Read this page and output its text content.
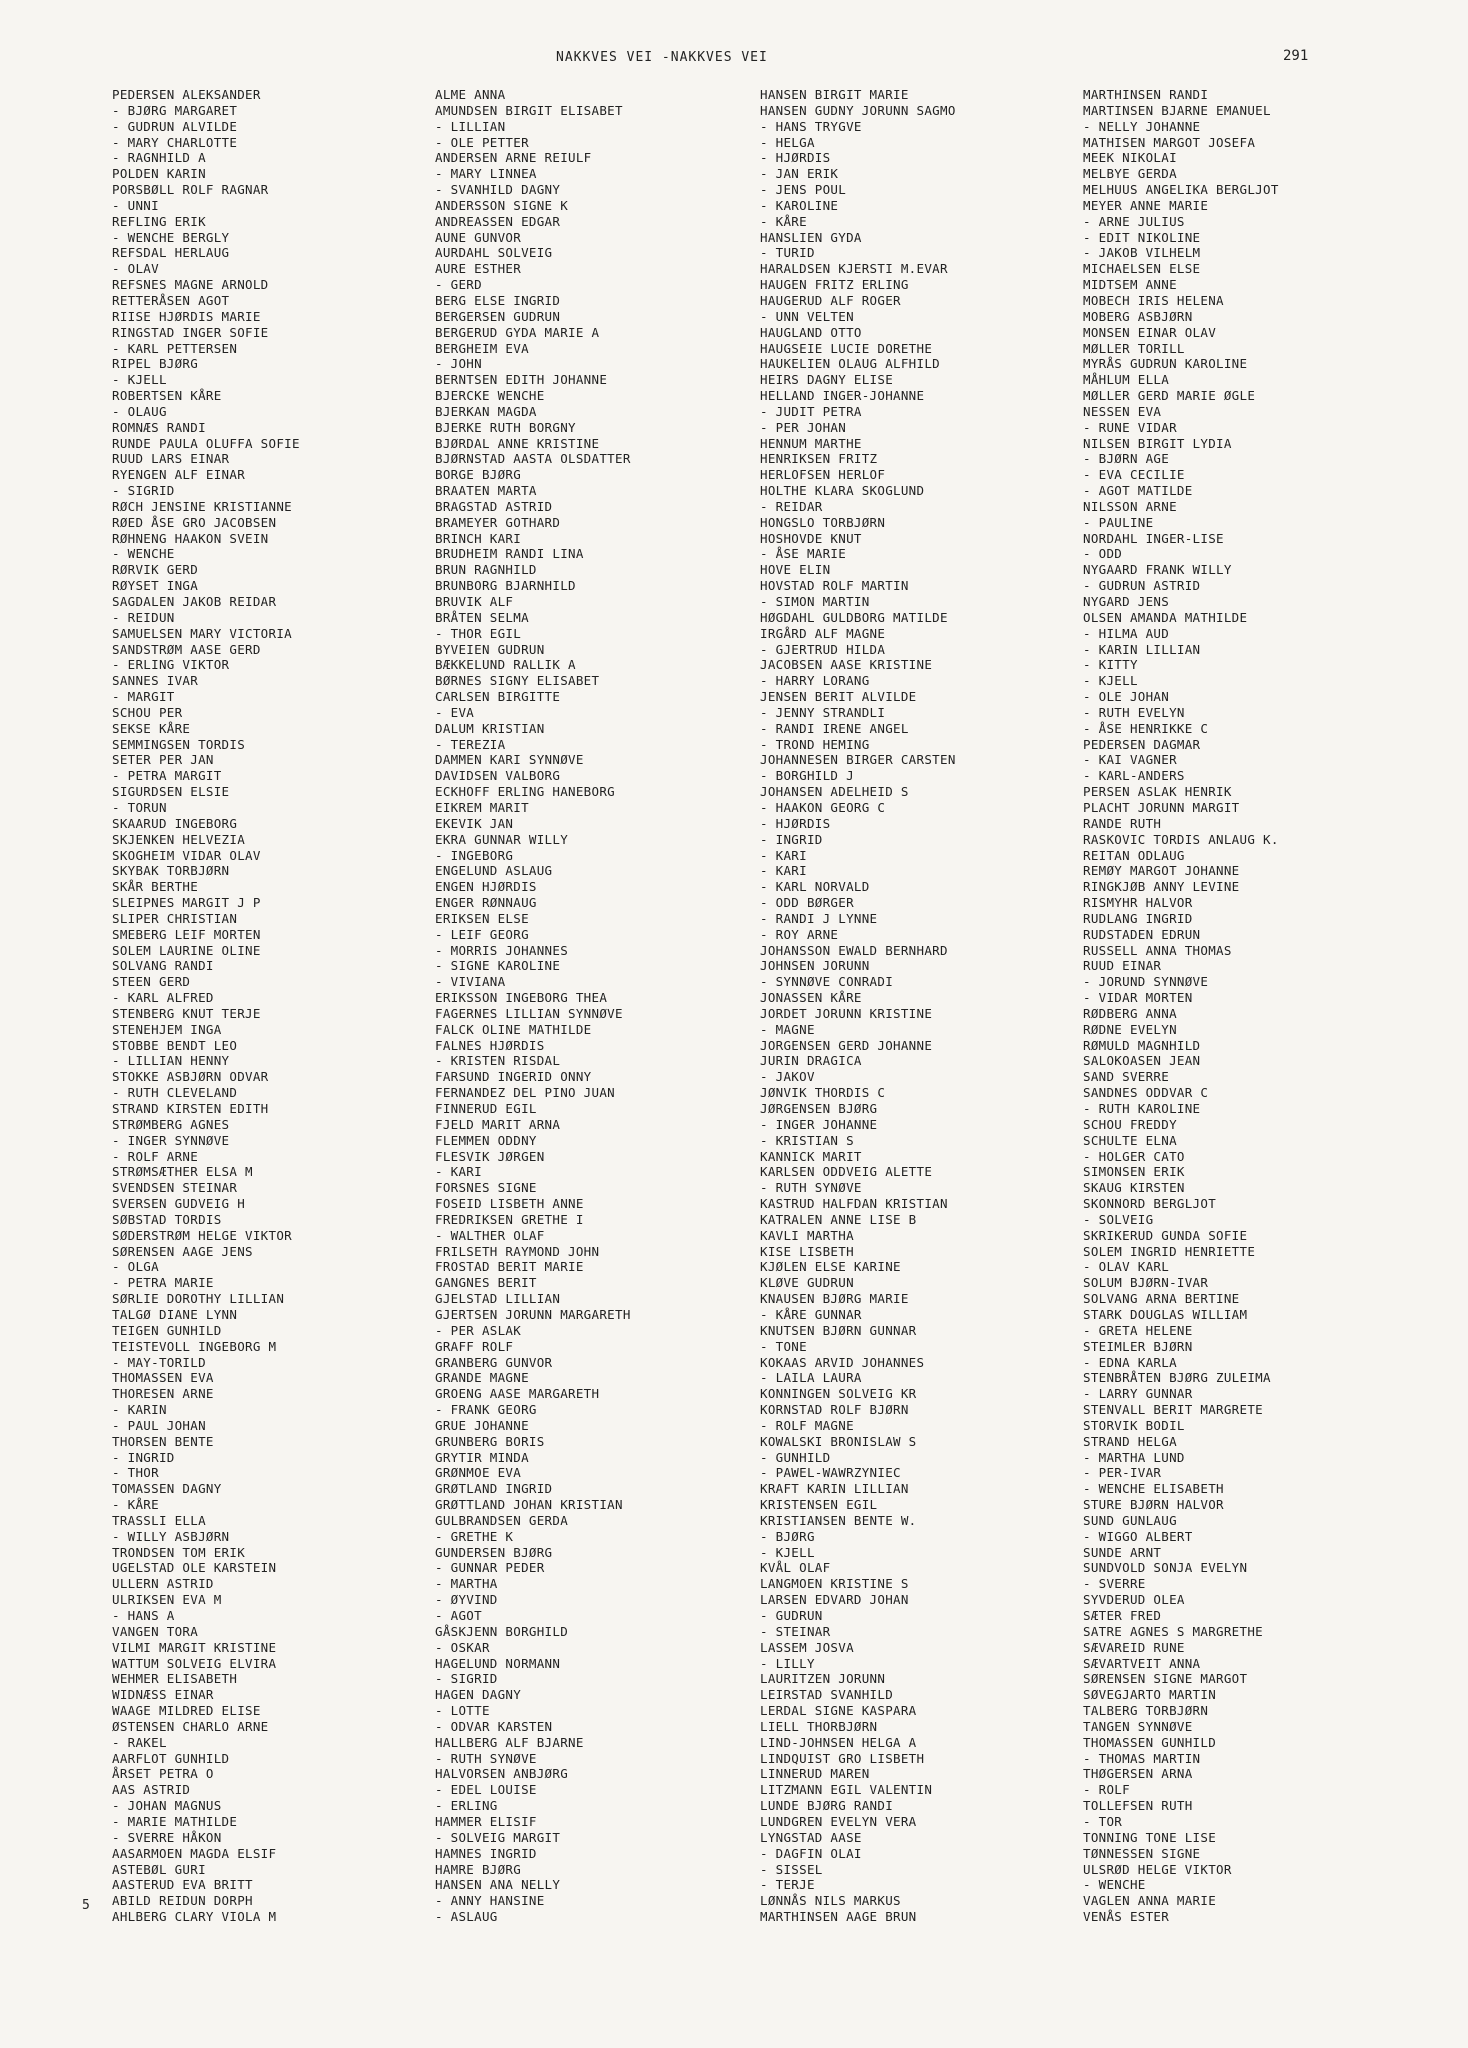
NAKKVES VEI -NAKKVES VEI	291
5
PEDERSEN ALEKSANDER
- BJØRG MARGARET
- GUDRUN ALVILDE
- MARY CHARLOTTE
- RAGNHILD A
POLDEN KARIN
PORSBØLL ROLF RAGNAR
- UNNI
REFLING ERIK
- WENCHE BERGLY
REFSDAL HERLAUG
- OLAV
REFSNES MAGNE ARNOLD
RETTERÅSEN AGOT
RIISE HJØRDIS MARIE
RINGSTAD INGER SOFIE
- KARL PETTERSEN
RIPEL BJØRG
- KJELL
ROBERTSEN KÅRE
- OLAUG
ROMNÆS RANDI
RUNDE PAULA OLUFFA SOFIE
RUUD LARS EINAR
RYENGEN ALF EINAR
- SIGRID
RØCH JENSINE KRISTIANNE
RØED ÅSE GRO JACOBSEN
RØHNENG HAAKON SVEIN
- WENCHE
RØRVIK GERD
RØYSET INGA
SAGDALEN JAKOB REIDAR
- REIDUN
SAMUELSEN MARY VICTORIA
SANDSTRØM AASE GERD
- ERLING VIKTOR
SANNES IVAR
- MARGIT
SCHOU PER
SEKSE KÅRE
SEMMINGSEN TORDIS
SETER PER JAN
- PETRA MARGIT
SIGURDSEN ELSIE
- TORUN
SKAARUD INGEBORG
SKJENKEN HELVEZIA
SKOGHEIM VIDAR OLAV
SKYBAK TORBJØRN
SKÅR BERTHE
SLEIPNES MARGIT J P
SLIPER CHRISTIAN
SMEBERG LEIF MORTEN
SOLEM LAURINE OLINE
SOLVANG RANDI
STEEN GERD
- KARL ALFRED
STENBERG KNUT TERJE
STENEHJEM INGA
STOBBE BENDT LEO
- LILLIAN HENNY
STOKKE ASBJØRN ODVAR
- RUTH CLEVELAND
STRAND KIRSTEN EDITH
STRØMBERG AGNES
- INGER SYNNØVE
- ROLF ARNE
STRØMSÆTHER ELSA M
SVENDSEN STEINAR
SVERSEN GUDVEIG H
SØBSTAD TORDIS
SØDERSTRØM HELGE VIKTOR
SØRENSEN AAGE JENS
- OLGA
- PETRA MARIE
SØRLIE DOROTHY LILLIAN
TALGØ DIANE LYNN
TEIGEN GUNHILD
TEISTEVOLL INGEBORG M
- MAY-TORILD
THOMASSEN EVA
THORESEN ARNE
- KARIN
- PAUL JOHAN
THORSEN BENTE
- INGRID
- THOR
TOMASSEN DAGNY
- KÅRE
TRASSLI ELLA
- WILLY ASBJØRN
TRONDSEN TOM ERIK
UGELSTAD OLE KARSTEIN
ULLERN ASTRID
ULRIKSEN EVA M
- HANS A
VANGEN TORA
VILMI MARGIT KRISTINE
WATTUM SOLVEIG ELVIRA
WEHMER ELISABETH
WIDNÆSS EINAR
WAAGE MILDRED ELISE
ØSTENSEN CHARLO ARNE
- RAKEL
AARFLOT GUNHILD
ÅRSET PETRA O
AAS ASTRID
- JOHAN MAGNUS
- MARIE MATHILDE
- SVERRE HÅKON
AASARMOEN MAGDA ELSIF
ASTEBØL GURI
AASTERUD EVA BRITT
ABILD REIDUN DORPH
AHLBERG CLARY VIOLA M
ALME ANNA
AMUNDSEN BIRGIT ELISABET
- LILLIAN
- OLE PETTER
ANDERSEN ARNE REIULF
- MARY LINNEA
- SVANHILD DAGNY
ANDERSSON SIGNE K
ANDREASSEN EDGAR
AUNE GUNVOR
AURDAHL SOLVEIG
AURE ESTHER
- GERD
BERG ELSE INGRID
BERGERSEN GUDRUN
BERGERUD GYDA MARIE A
BERGHEIM EVA
- JOHN
BERNTSEN EDITH JOHANNE
BJERCKE WENCHE
BJERKAN MAGDA
BJERKE RUTH BORGNY
BJØRDAL ANNE KRISTINE
BJØRNSTAD AASTA OLSDATTER
BORGE BJØRG
BRAATEN MARTA
BRAGSTAD ASTRID
BRAMEYER GOTHARD
BRINCH KARI
BRUDHEIM RANDI LINA
BRUN RAGNHILD
BRUNBORG BJARNHILD
BRUVIK ALF
BRÅTEN SELMA
- THOR EGIL
BYVEIEN GUDRUN
BÆKKELUND RALLIK A
BØRNES SIGNY ELISABET
CARLSEN BIRGITTE
- EVA
DALUM KRISTIAN
- TEREZIA
DAMMEN KARI SYNNØVE
DAVIDSEN VALBORG
ECKHOFF ERLING HANEBORG
EIKREM MARIT
EKEVIK JAN
EKRA GUNNAR WILLY
- INGEBORG
ENGELUND ASLAUG
ENGEN HJØRDIS
ENGER RØNNAUG
ERIKSEN ELSE
- LEIF GEORG
- MORRIS JOHANNES
- SIGNE KAROLINE
- VIVIANA
ERIKSSON INGEBORG THEA
FAGERNES LILLIAN SYNNØVE
FALCK OLINE MATHILDE
FALNES HJØRDIS
- KRISTEN RISDAL
FARSUND INGERID ONNY
FERNANDEZ DEL PINO JUAN
FINNERUD EGIL
FJELD MARIT ARNA
FLEMMEN ODDNY
FLESVIK JØRGEN
- KARI
FORSNES SIGNE
FOSEID LISBETH ANNE
FREDRIKSEN GRETHE I
- WALTHER OLAF
FRILSETH RAYMOND JOHN
FROSTAD BERIT MARIE
GANGNES BERIT
GJELSTAD LILLIAN
GJERTSEN JORUNN MARGARETH
- PER ASLAK
GRAFF ROLF
GRANBERG GUNVOR
GRANDE MAGNE
GROENG AASE MARGARETH
- FRANK GEORG
GRUE JOHANNE
GRUNBERG BORIS
GRYTIR MINDA
GRØNMOE EVA
GRØTLAND INGRID
GRØTTLAND JOHAN KRISTIAN
GULBRANDSEN GERDA
- GRETHE K
GUNDERSEN BJØRG
- GUNNAR PEDER
- MARTHA
- ØYVIND
- AGOT
GÅSKJENN BORGHILD
- OSKAR
HAGELUND NORMANN
- SIGRID
HAGEN DAGNY
- LOTTE
- ODVAR KARSTEN
HALLBERG ALF BJARNE
- RUTH SYNØVE
HALVORSEN ANBJØRG
- EDEL LOUISE
- ERLING
HAMMER ELISIF
- SOLVEIG MARGIT
HAMNES INGRID
HAMRE BJØRG
HANSEN ANA NELLY
- ANNY HANSINE
- ASLAUG
HANSEN BIRGIT MARIE
HANSEN GUDNY JORUNN SAGMO
- HANS TRYGVE
- HELGA
- HJØRDIS
- JAN ERIK
- JENS POUL
- KAROLINE
- KÅRE
HANSLIEN GYDA
- TURID
HARALDSEN KJERSTI M.EVAR
HAUGEN FRITZ ERLING
HAUGERUD ALF ROGER
- UNN VELTEN
HAUGLAND OTTO
HAUGSEIE LUCIE DORETHE
HAUKELIEN OLAUG ALFHILD
HEIRS DAGNY ELISE
HELLAND INGER-JOHANNE
- JUDIT PETRA
- PER JOHAN
HENNUM MARTHE
HENRIKSEN FRITZ
HERLOFSEN HERLOF
HOLTHE KLARA SKOGLUND
- REIDAR
HONGSLO TORBJØRN
HOSHOVDE KNUT
- ÅSE MARIE
HOVE ELIN
HOVSTAD ROLF MARTIN
- SIMON MARTIN
HØGDAHL GULDBORG MATILDE
IRGÅRD ALF MAGNE
- GJERTRUD HILDA
JACOBSEN AASE KRISTINE
- HARRY LORANG
JENSEN BERIT ALVILDE
- JENNY STRANDLI
- RANDI IRENE ANGEL
- TROND HEMING
JOHANNESEN BIRGER CARSTEN
- BORGHILD J
JOHANSEN ADELHEID S
- HAAKON GEORG C
- HJØRDIS
- INGRID
- KARI
- KARI
- KARL NORVALD
- ODD BØRGER
- RANDI J LYNNE
- ROY ARNE
JOHANSSON EWALD BERNHARD
JOHNSEN JORUNN
- SYNNØVE CONRADI
JONASSEN KÅRE
JORDET JORUNN KRISTINE
- MAGNE
JORGENSEN GERD JOHANNE
JURIN DRAGICA
- JAKOV
JØNVIK THORDIS C
JØRGENSEN BJØRG
- INGER JOHANNE
- KRISTIAN S
KANNICK MARIT
KARLSEN ODDVEIG ALETTE
- RUTH SYNØVE
KASTRUD HALFDAN KRISTIAN
KATRALEN ANNE LISE B
KAVLI MARTHA
KISE LISBETH
KJØLEN ELSE KARINE
KLØVE GUDRUN
KNAUSEN BJØRG MARIE
- KÅRE GUNNAR
KNUTSEN BJØRN GUNNAR
- TONE
KOKAAS ARVID JOHANNES
- LAILA LAURA
KONNINGEN SOLVEIG KR
KORNSTAD ROLF BJØRN
- ROLF MAGNE
KOWALSKI BRONISLAW S
- GUNHILD
- PAWEL-WAWRZYNIEC
KRAFT KARIN LILLIAN
KRISTENSEN EGIL
KRISTIANSEN BENTE W.
- BJØRG
- KJELL
KVÅL OLAF
LANGMOEN KRISTINE S
LARSEN EDVARD JOHAN
- GUDRUN
- STEINAR
LASSEM JOSVA
- LILLY
LAURITZEN JORUNN
LEIRSTAD SVANHILD
LERDAL SIGNE KASPARA
LIELL THORBJØRN
LIND-JOHNSEN HELGA A
LINDQUIST GRO LISBETH
LINNERUD MAREN
LITZMANN EGIL VALENTIN
LUNDE BJØRG RANDI
LUNDGREN EVELYN VERA
LYNGSTAD AASE
- DAGFIN OLAI
- SISSEL
- TERJE
LØNNÅS NILS MARKUS
MARTHINSEN AAGE BRUN
MARTHINSEN RANDI
MARTINSEN BJARNE EMANUEL
- NELLY JOHANNE
MATHISEN MARGOT JOSEFA
MEEK NIKOLAI
MELBYE GERDA
MELHUUS ANGELIKA BERGLJOT
MEYER ANNE MARIE
- ARNE JULIUS
- EDIT NIKOLINE
- JAKOB VILHELM
MICHAELSEN ELSE
MIDTSEM ANNE
MOBECH IRIS HELENA
MOBERG ASBJØRN
MONSEN EINAR OLAV
MØLLER TORILL
MYRÅS GUDRUN KAROLINE
MÅHLUM ELLA
MØLLER GERD MARIE ØGLE
NESSEN EVA
- RUNE VIDAR
NILSEN BIRGIT LYDIA
- BJØRN AGE
- EVA CECILIE
- AGOT MATILDE
NILSSON ARNE
- PAULINE
NORDAHL INGER-LISE
- ODD
NYGAARD FRANK WILLY
- GUDRUN ASTRID
NYGARD JENS
OLSEN AMANDA MATHILDE
- HILMA AUD
- KARIN LILLIAN
- KITTY
- KJELL
- OLE JOHAN
- RUTH EVELYN
- ÅSE HENRIKKE C
PEDERSEN DAGMAR
- KAI VAGNER
- KARL-ANDERS
PERSEN ASLAK HENRIK
PLACHT JORUNN MARGIT
RANDE RUTH
RASKOVIC TORDIS ANLAUG K.
REITAN ODLAUG
REMØY MARGOT JOHANNE
RINGKJØB ANNY LEVINE
RISMYHR HALVOR
RUDLANG INGRID
RUDSTADEN EDRUN
RUSSELL ANNA THOMAS
RUUD EINAR
- JORUND SYNNØVE
- VIDAR MORTEN
RØDBERG ANNA
RØDNE EVELYN
RØMULD MAGNHILD
SALOKOASEN JEAN
SAND SVERRE
SANDNES ODDVAR C
- RUTH KAROLINE
SCHOU FREDDY
SCHULTE ELNA
- HOLGER CATO
SIMONSEN ERIK
SKAUG KIRSTEN
SKONNORD BERGLJOT
- SOLVEIG
SKRIKERUD GUNDA SOFIE
SOLEM INGRID HENRIETTE
- OLAV KARL
SOLUM BJØRN-IVAR
SOLVANG ARNA BERTINE
STARK DOUGLAS WILLIAM
- GRETA HELENE
STEIMLER BJØRN
- EDNA KARLA
STENBRÅTEN BJØRG ZULEIMA
- LARRY GUNNAR
STENVALL BERIT MARGRETE
STORVIK BODIL
STRAND HELGA
- MARTHA LUND
- PER-IVAR
- WENCHE ELISABETH
STURE BJØRN HALVOR
SUND GUNLAUG
- WIGGO ALBERT
SUNDE ARNT
SUNDVOLD SONJA EVELYN
- SVERRE
SYVDERUD OLEA
SÆTER FRED
SATRE AGNES S MARGRETHE
SÆVAREID RUNE
SÆVARTVEIT ANNA
SØRENSEN SIGNE MARGOT
SØVEGJARTO MARTIN
TALBERG TORBJØRN
TANGEN SYNNØVE
THOMASSEN GUNHILD
- THOMAS MARTIN
THØGERSEN ARNA
- ROLF
TOLLEFSEN RUTH
- TOR
TONNING TONE LISE
TØNNESSEN SIGNE
ULSRØD HELGE VIKTOR
- WENCHE
VAGLEN ANNA MARIE
VENÅS ESTER
